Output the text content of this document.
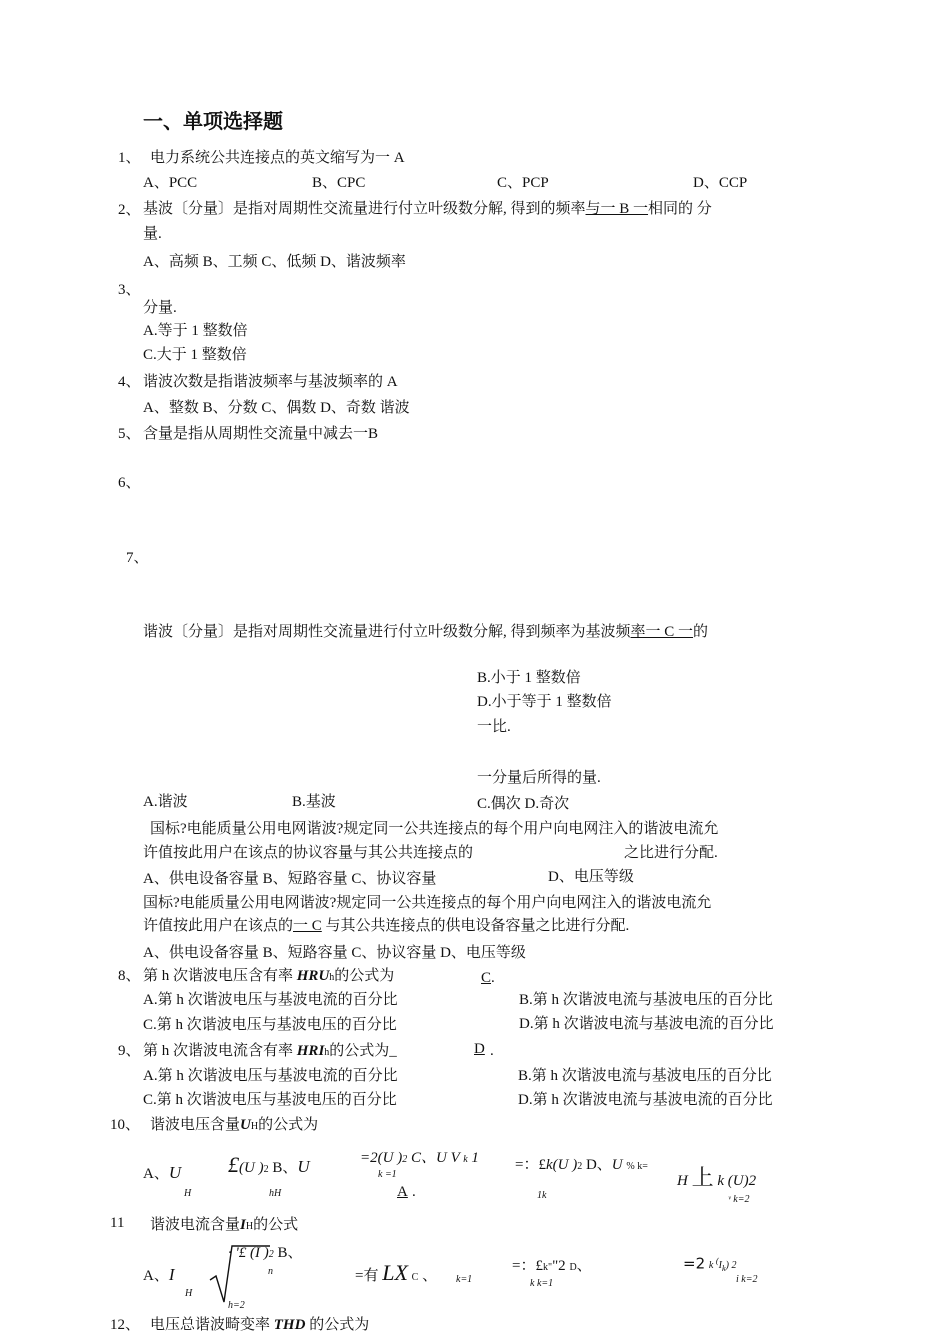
一、单项选择题
1、 电力系统公共连接点的英文缩写为一 A
A、PCC	B、CPC	C、PCP	D、CCP
2、 基波〔分量〕是指对周期性交流量进行付立叶级数分解, 得到的频率与一 B 一相同的 分
量.
A、高频 B、工频 C、低频 D、谐波频率
3、
分量.
A.等于 1 整数倍
C.大于 1 整数倍
4、 谐波次数是指谐波频率与基波频率的 A
A、整数 B、分数 C、偶数 D、奇数 谐波
5、 含量是指从周期性交流量中减去一B
6、
7、
谐波〔分量〕是指对周期性交流量进行付立叶级数分解, 得到频率为基波频率一 C 一的
B.小于 1 整数倍
D.小于等于 1 整数倍
一比.
一分量后所得的量.
A.谐波	B.基波	C.偶次 D.奇次
国标?电能质量公用电网谐波?规定同一公共连接点的每个用户向电网注入的谐波电流允
许值按此用户在该点的协议容量与其公共连接点的	之比进行分配.
A、供电设备容量 B、短路容量 C、协议容量	D、电压等级
国标?电能质量公用电网谐波?规定同一公共连接点的每个用户向电网注入的谐波电流允
许值按此用户在该点的一 C 与其公共连接点的供电设备容量之比进行分配.
A、供电设备容量 B、短路容量 C、协议容量 D、电压等级
8、 第 h 次谐波电压含有率 HRUh的公式为	C .
A.第 h 次谐波电压与基波电流的百分比	B.第 h 次谐波电流与基波电压的百分比
C.第 h 次谐波电压与基波电压的百分比	D.第 h 次谐波电流与基波电流的百分比
9、 第 h 次谐波电流含有率 HRIh的公式为_	D .
A.第 h 次谐波电压与基波电流的百分比	B.第 h 次谐波电流与基波电压的百分比
C.第 h 次谐波电压与基波电压的百分比	D.第 h 次谐波电流与基波电流的百分比
10、 谐波电压含量UH的公式为
A、U
H
£(U )2 B、U
hH
=2(U )2 C、U V k 1
k =1
A .
=：£k(U )2 D、U % k=
1k
H 上 k (U)2
ᵛ k=2
11 谐波电流含量IH的公式
A、I
H
· '£ (I )2 B、
n
h=2
=有 LX C 、 k=1
=：£k""2 D、
k k=1
=2 k $^(I_k$) 2
i k=2
12、 电压总谐波畸变率 THD 的公式为
